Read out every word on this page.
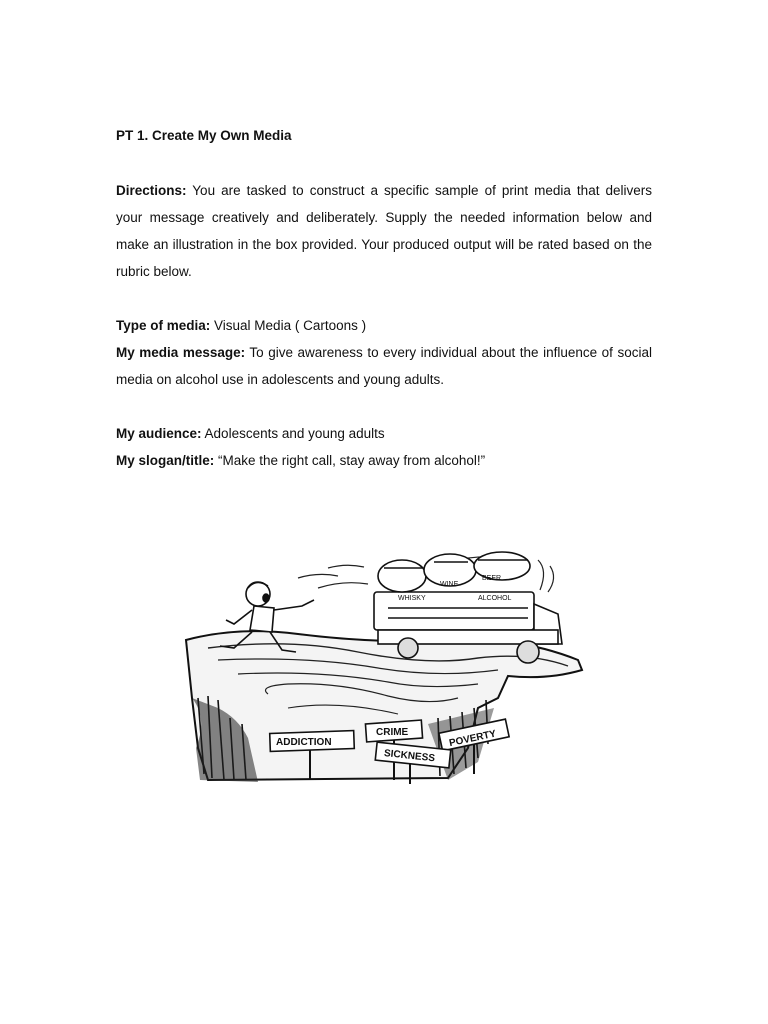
PT 1. Create My Own Media

Directions: You are tasked to construct a specific sample of print media that delivers your message creatively and deliberately. Supply the needed information below and make an illustration in the box provided. Your produced output will be rated based on the rubric below.

Type of media: Visual Media ( Cartoons )

My media message: To give awareness to every individual about the influence of social media on alcohol use in adolescents and young adults.

My audience: Adolescents and young adults

My slogan/title: “Make the right call, stay away from alcohol!”

WINE
BEER
WHISKY	ALCOHOL
ADDICTION
CRIME	POVERTY
SICKNESS
